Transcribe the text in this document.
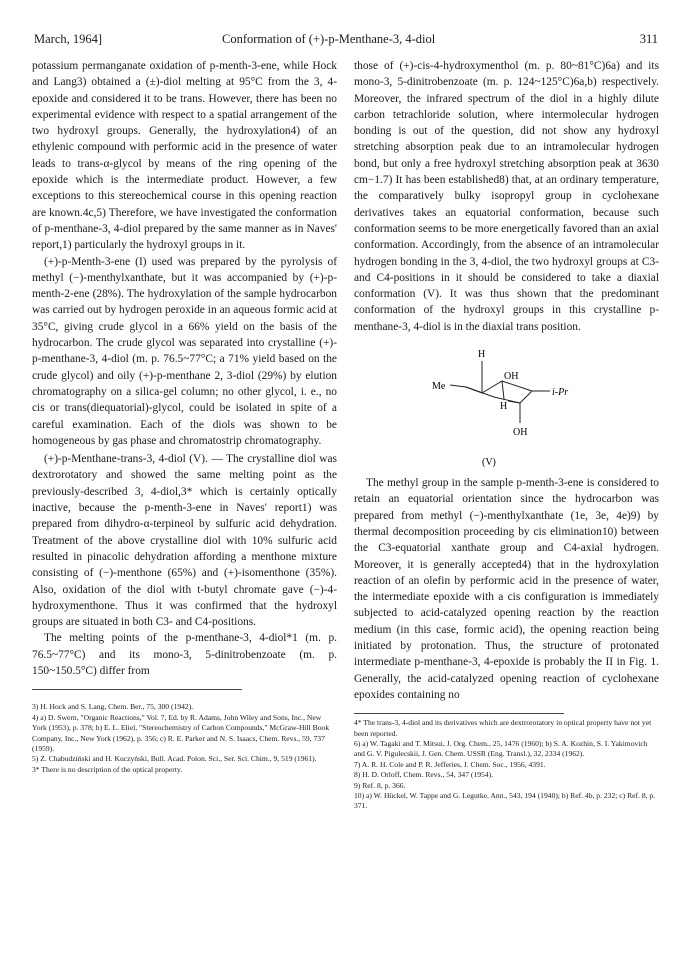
March, 1964]	Conformation of (+)-p-Menthane-3, 4-diol	311

potassium permanganate oxidation of p-menth-3-ene, while Hock and Lang3) obtained a (±)-diol melting at 95°C from the 3, 4-epoxide and considered it to be trans. However, there has been no experimental evidence with respect to a spatial arrangement of the two hydroxyl groups. Generally, the hydroxylation4) of an ethylenic compound with performic acid in the presence of water leads to trans-α-glycol by means of the ring opening of the epoxide which is the intermediate product. However, a few exceptions to this stereochemical course in this opening reaction are known.4c,5) Therefore, we have investigated the conformation of p-menthane-3, 4-diol prepared by the same manner as in Naves' report,1) particularly the hydroxyl groups in it.

(+)-p-Menth-3-ene (I) used was prepared by the pyrolysis of methyl (−)-menthylxanthate, but it was accompanied by (+)-p-menth-2-ene (28%). The hydroxylation of the sample hydrocarbon was carried out by hydrogen peroxide in an aqueous formic acid at 35°C, giving crude glycol in a 66% yield on the basis of the hydrocarbon. The crude glycol was separated into crystalline (+)-p-menthane-3, 4-diol (m. p. 76.5~77°C; a 71% yield based on the crude glycol) and oily (+)-p-menthane 2, 3-diol (29%) by elution chromatography on a silica-gel column; no other glycol, i. e., no cis or trans(diequatorial)-glycol, could be isolated in spite of a careful examination. Each of the diols was shown to be homogeneous by gas phase and chromatostrip chromatography.

(+)-p-Menthane-trans-3, 4-diol (V). — The crystalline diol was dextrorotatory and showed the same melting point as the previously-described 3, 4-diol,3* which is certainly optically inactive, because the p-menth-3-ene in Naves' report1) was prepared from dihydro-α-terpineol by sulfuric acid dehydration. Treatment of the above crystalline diol with 10% sulfuric acid resulted in pinacolic dehydration affording a menthone mixture consisting of (−)-menthone (65%) and (+)-isomenthone (35%). Also, oxidation of the diol with t-butyl chromate gave (−)-4-hydroxymenthone. Thus it was confirmed that the hydroxyl groups are situated in both C3- and C4-positions.

The melting points of the p-menthane-3, 4-diol*1 (m. p. 76.5~77°C) and its mono-3, 5-dinitrobenzoate (m. p. 150~150.5°C) differ from

3) H. Hock and S. Lang, Chem. Ber., 75, 300 (1942).
4) a) D. Swern, "Organic Reactions," Vol. 7, Ed. by R. Adams, John Wiley and Sons, Inc., New York (1953), p. 378; b) E. L. Eliel, "Stereochemistry of Carbon Compounds," McGraw-Hill Book Company, Inc., New York (1962), p. 356; c) R. E. Parker and N. S. Isaacs, Chem. Revs., 59, 737 (1959).
5) Z. Chabudziński and H. Kuczyński, Bull. Acad. Polon. Sci., Ser. Sci. Chim., 9, 519 (1961).
3* There is no description of the optical property.

those of (+)-cis-4-hydroxymenthol (m. p. 80~81°C)6a) and its mono-3, 5-dinitrobenzoate (m. p. 124~125°C)6a,b) respectively. Moreover, the infrared spectrum of the diol in a highly dilute carbon tetrachloride solution, where intermolecular hydrogen bonding is out of the question, did not show any hydroxyl stretching absorption peak due to an intramolecular hydrogen bond, but only a free hydroxyl stretching absorption peak at 3630 cm−1.7) It has been established8) that, at an ordinary temperature, the comparatively bulky isopropyl group in cyclohexane derivatives takes an equatorial conformation, because such conformation seems to be more energetically favored than an axial conformation. Accordingly, from the absence of an intramolecular hydrogen bonding in the 3, 4-diol, the two hydroxyl groups at C3- and C4-positions in it should be considered to take a diaxial conformation (V). It was thus shown that the predominant conformation of the hydroxyl groups in this crystalline p-menthane-3, 4-diol is in the diaxial trans position.

H
Me
OH
H
i-Pr
OH
(V)

The methyl group in the sample p-menth-3-ene is considered to retain an equatorial orientation since the hydrocarbon was prepared from methyl (−)-menthylxanthate (1e, 3e, 4e)9) by thermal decomposition proceeding by cis elimination10) between the C3-equatorial xanthate group and C4-axial hydrogen. Moreover, it is generally accepted4) that in the hydroxylation reaction of an olefin by performic acid in the presence of water, the intermediate epoxide with a cis configuration is immediately subjected to acid-catalyzed opening reaction by the reaction medium (in this case, formic acid), the opening reaction being initiated by protonation. Thus, the structure of protonated intermediate p-menthane-3, 4-epoxide is probably the II in Fig. 1. Generally, the acid-catalyzed opening reaction of cyclohexane epoxides containing no

4* The trans-3, 4-diol and its derivatives which are dextrorotatory in optical property have not yet been reported.
6) a) W. Tagaki and T. Mitsui, J. Org. Chem., 25, 1476 (1960); b) S. A. Kozhin, S. I. Yakimovich and G. V. Pigulecskii, J. Gen. Chem. USSR (Eng. Transl.), 32, 2334 (1962).
7) A. R. H. Cole and P. R. Jefferies, J. Chem. Soc., 1956, 4391.
8) H. D. Orloff, Chem. Revs., 54, 347 (1954).
9) Ref. 8, p. 366.
10) a) W. Hückel, W. Tappe and G. Legutke, Ann., 543, 194 (1940); b) Ref. 4b, p. 232; c) Ref. 8, p. 371.
